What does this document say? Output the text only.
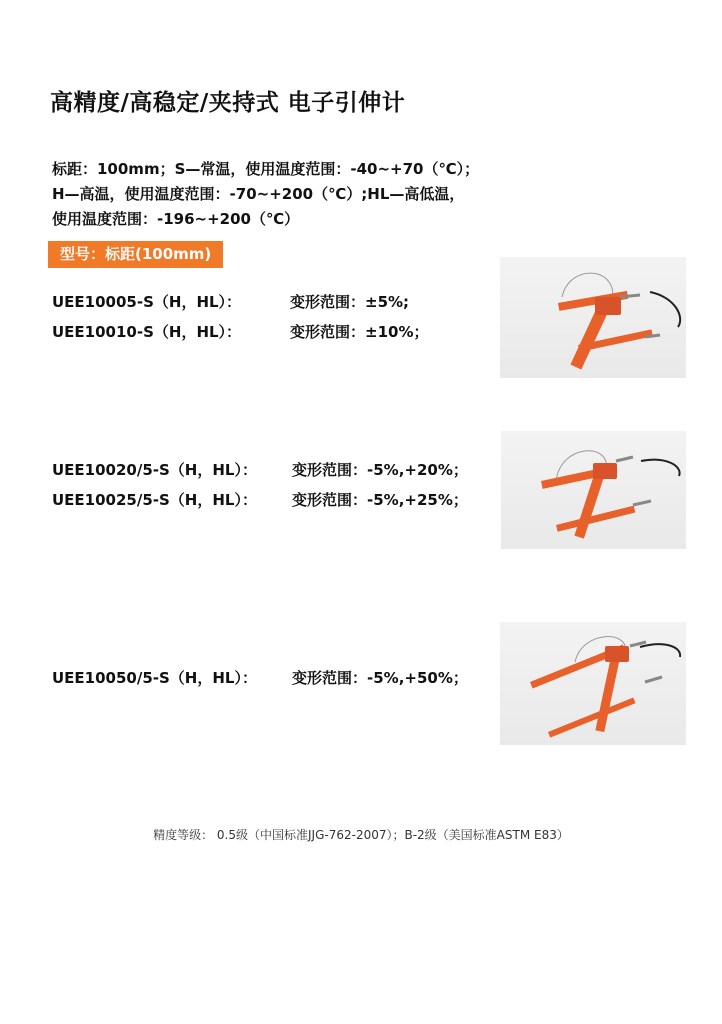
高精度/高稳定/夹持式 电子引伸计
标距：100mm；S—常温，使用温度范围：-40~+70（℃）；
H—高温，使用温度范围：-70~+200（℃）;HL—高低温，
使用温度范围：-196~+200（℃）
型号：标距(100mm)
UEE10005-S（H，HL）：	变形范围：±5%;
UEE10010-S（H，HL）：	变形范围：±10%；
UEE10020/5-S（H，HL）： 变形范围：-5%,+20%；
UEE10025/5-S（H，HL）： 变形范围：-5%,+25%；
UEE10050/5-S（H，HL）： 变形范围：-5%,+50%；
精度等级： 0.5级（中国标准JJG-762-2007）；B-2级（美国标准ASTM E83）
